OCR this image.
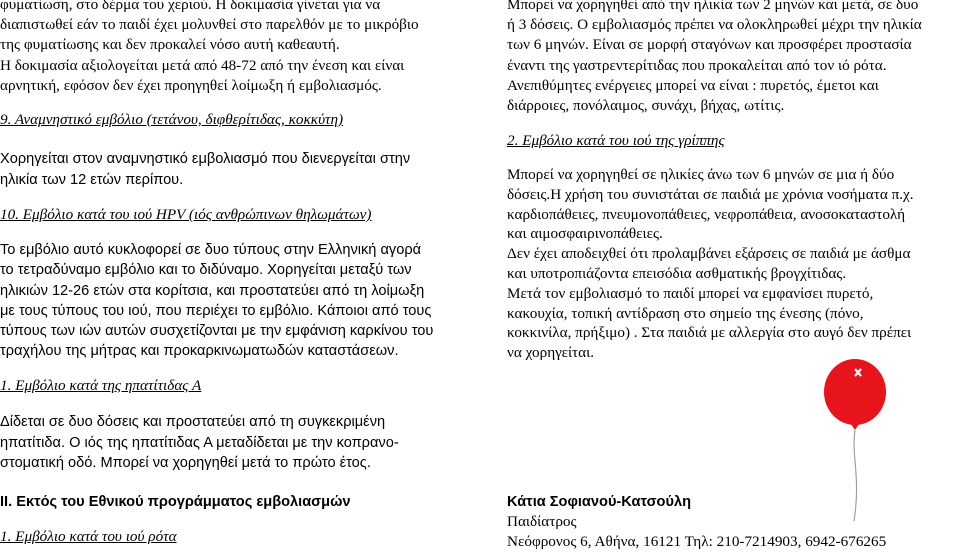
φυματίωση, στο δέρμα του χεριού. Η δοκιμασία γίνεται για να
διαπιστωθεί εάν το παιδί έχει μολυνθεί στο παρελθόν με το μικρόβιο
της φυματίωσης και δεν προκαλεί νόσο αυτή καθεαυτή.
Η δοκιμασία αξιολογείται μετά από 48-72 από την ένεση και είναι
αρνητική, εφόσον δεν έχει προηγηθεί λοίμωξη ή εμβολιασμός.
9. Αναμνηστικό εμβόλιο (τετάνου, διφθερίτιδας, κοκκύτη)
Χορηγείται στον αναμνηστικό εμβολιασμό που διενεργείται στην
ηλικία των 12 ετών περίπου.
10. Εμβόλιο κατά του ιού HPV (ιός ανθρώπινων θηλωμάτων)
Το εμβόλιο αυτό κυκλοφορεί σε δυο τύπους στην Ελληνική αγορά
το τετραδύναμο εμβόλιο και το διδύναμο. Χορηγείται μεταξύ των
ηλικιών 12-26 ετών στα κορίτσια, και προστατεύει από τη λοίμωξη
με τους τύπους του ιού, που περιέχει το εμβόλιο. Κάποιοι από τους
τύπους των ιών αυτών συσχετίζονται με την εμφάνιση καρκίνου του
τραχήλου της μήτρας και προκαρκινωματωδών καταστάσεων.
1. Εμβόλιο κατά της ηπατίτιδας Α
Δίδεται σε δυο δόσεις και προστατεύει από τη συγκεκριμένη
ηπατίτιδα. Ο ιός της ηπατίτιδας Α μεταδίδεται με την κοπρανο-
στοματική οδό. Μπορεί να χορηγηθεί μετά το πρώτο έτος.
ΙΙ. Εκτός του Εθνικού προγράμματος εμβολιασμών
1. Εμβόλιο κατά του ιού ρότα
Μπορεί να χορηγηθεί από την ηλικία των 2 μηνών και μετά, σε δυο
ή 3 δόσεις. Ο εμβολιασμός πρέπει να ολοκληρωθεί μέχρι την ηλικία
των 6 μηνών. Είναι σε μορφή σταγόνων και προσφέρει προστασία
έναντι της γαστρεντερίτιδας που προκαλείται από τον ιό ρότα.
Ανεπιθύμητες ενέργειες μπορεί να είναι : πυρετός, έμετοι και
διάρροιες, πονόλαιμος, συνάχι, βήχας, ωτίτις.
2. Εμβόλιο κατά του ιού της γρίππης
Μπορεί να χορηγηθεί σε ηλικίες άνω των 6 μηνών σε μια ή δύο
δόσεις.Η χρήση του συνιστάται σε παιδιά με χρόνια νοσήματα π.χ.
καρδιοπάθειες, πνευμονοπάθειες, νεφροπάθεια, ανοσοκαταστολή
και αιμοσφαιρινοπάθειες.
Δεν έχει αποδειχθεί ότι προλαμβάνει εξάρσεις σε παιδιά με άσθμα
και υποτροπιάζοντα επεισόδια ασθματικής βρογχίτιδας.
Μετά τον εμβολιασμό το παιδί μπορεί να εμφανίσει πυρετό,
κακουχία, τοπική αντίδραση στο σημείο της ένεσης (πόνο,
κοκκινίλα, πρήξιμο) . Στα παιδιά με αλλεργία στο αυγό δεν πρέπει
να χορηγείται.
Κάτια Σοφιανού-Κατσούλη
Παιδίατρος
Νεόφρονος 6, Αθήνα, 16121 Τηλ: 210-7214903, 6942-676265
